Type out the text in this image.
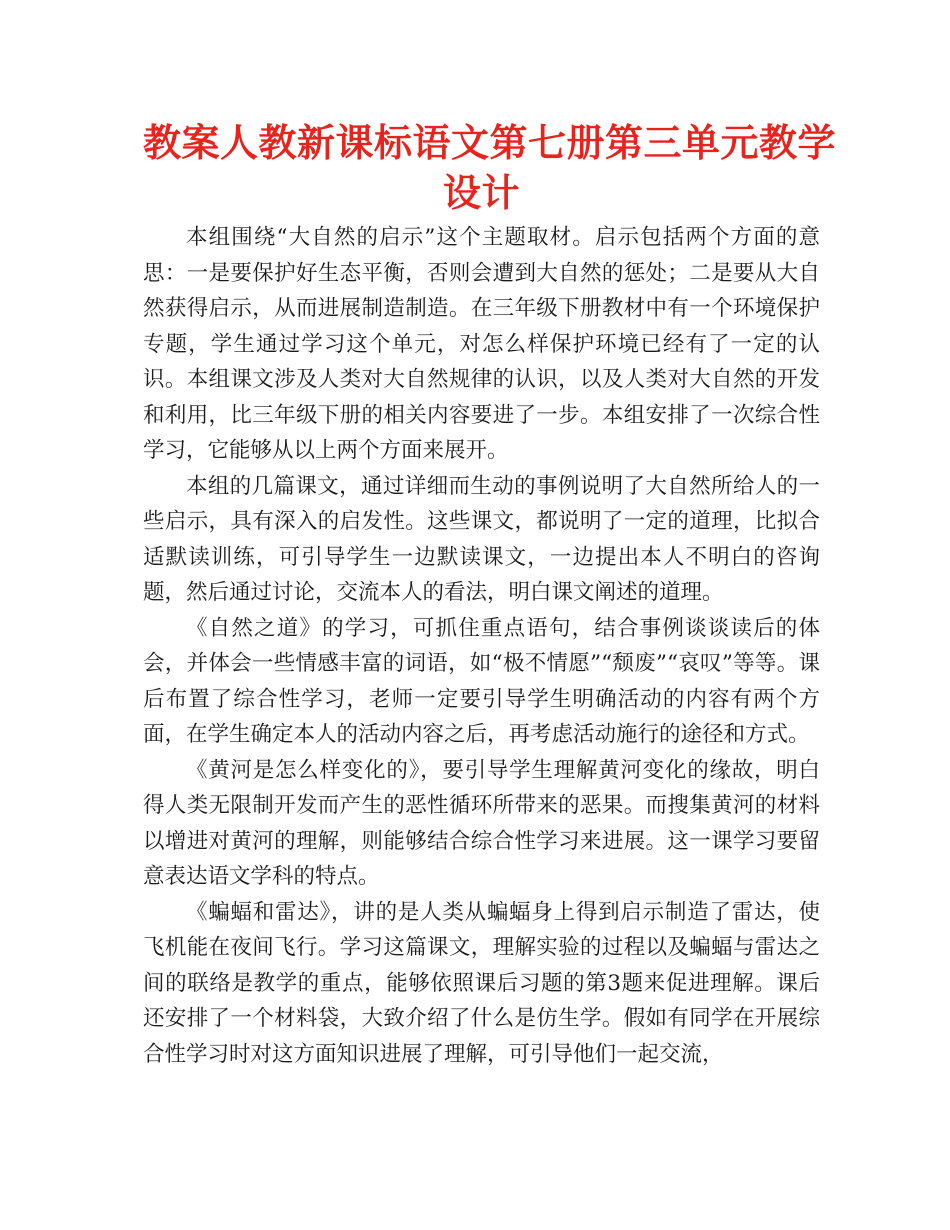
教案人教新课标语文第七册第三单元教学
设计

本组围绕“大自然的启示”这个主题取材。启示包括两个方面的意思：一是要保护好生态平衡，否则会遭到大自然的惩处；二是要从大自然获得启示，从而进展制造制造。在三年级下册教材中有一个环境保护专题，学生通过学习这个单元，对怎么样保护环境已经有了一定的认识。本组课文涉及人类对大自然规律的认识，以及人类对大自然的开发和利用，比三年级下册的相关内容要进了一步。本组安排了一次综合性学习，它能够从以上两个方面来展开。

本组的几篇课文，通过详细而生动的事例说明了大自然所给人的一些启示，具有深入的启发性。这些课文，都说明了一定的道理，比拟合适默读训练，可引导学生一边默读课文，一边提出本人不明白的咨询题，然后通过讨论，交流本人的看法，明白课文阐述的道理。

《自然之道》的学习，可抓住重点语句，结合事例谈谈读后的体会，并体会一些情感丰富的词语，如“极不情愿”“颓废”“哀叹”等等。课后布置了综合性学习，老师一定要引导学生明确活动的内容有两个方面，在学生确定本人的活动内容之后，再考虑活动施行的途径和方式。

《黄河是怎么样变化的》，要引导学生理解黄河变化的缘故，明白得人类无限制开发而产生的恶性循环所带来的恶果。而搜集黄河的材料以增进对黄河的理解，则能够结合综合性学习来进展。这一课学习要留意表达语文学科的特点。

《蝙蝠和雷达》，讲的是人类从蝙蝠身上得到启示制造了雷达，使飞机能在夜间飞行。学习这篇课文，理解实验的过程以及蝙蝠与雷达之间的联络是教学的重点，能够依照课后习题的第3题来促进理解。课后还安排了一个材料袋，大致介绍了什么是仿生学。假如有同学在开展综合性学习时对这方面知识进展了理解，可引导他们一起交流，
